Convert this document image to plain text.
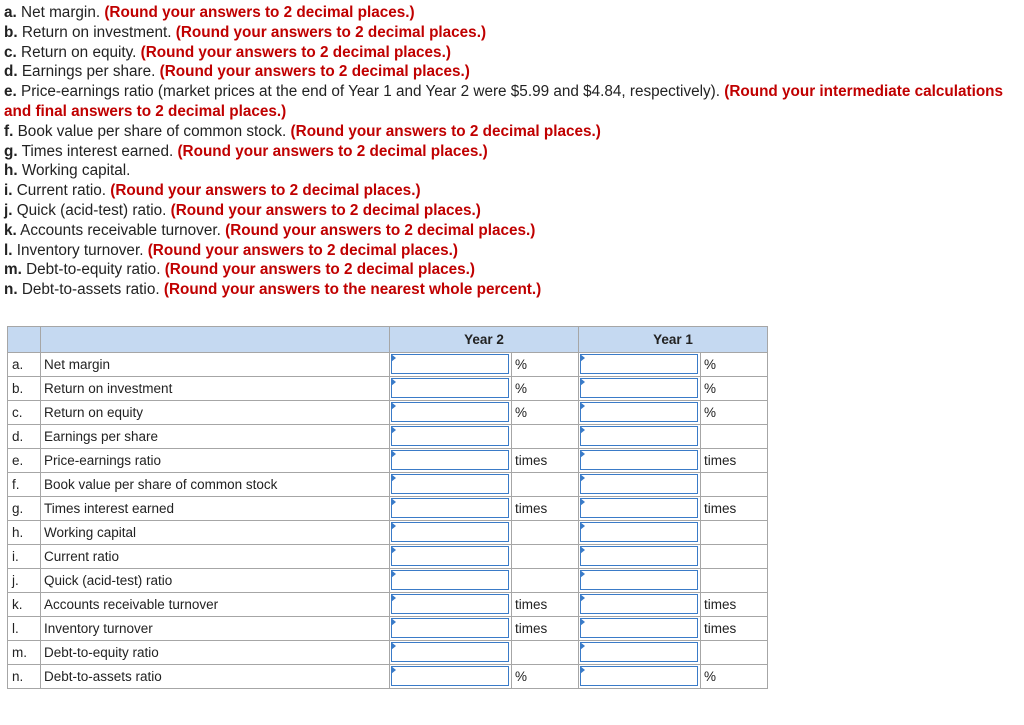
a. Net margin. (Round your answers to 2 decimal places.)

b. Return on investment. (Round your answers to 2 decimal places.)

c. Return on equity. (Round your answers to 2 decimal places.)

d. Earnings per share. (Round your answers to 2 decimal places.)

e. Price-earnings ratio (market prices at the end of Year 1 and Year 2 were $5.99 and $4.84, respectively). (Round your intermediate calculations and final answers to 2 decimal places.)

f. Book value per share of common stock. (Round your answers to 2 decimal places.)

g. Times interest earned. (Round your answers to 2 decimal places.)

h. Working capital.

i. Current ratio. (Round your answers to 2 decimal places.)

j. Quick (acid-test) ratio. (Round your answers to 2 decimal places.)

k. Accounts receivable turnover. (Round your answers to 2 decimal places.)

l. Inventory turnover. (Round your answers to 2 decimal places.)

m. Debt-to-equity ratio. (Round your answers to 2 decimal places.)

n. Debt-to-assets ratio. (Round your answers to the nearest whole percent.)

		Year 2		Year 1	
a.	Net margin		%		%
b.	Return on investment		%		%
c.	Return on equity		%		%
d.	Earnings per share	

e.	Price-earnings ratio		times		times
f.	Book value per share of common stock	

g.	Times interest earned		times		times
h.	Working capital	

i.	Current ratio	

j.	Quick (acid-test) ratio	

k.	Accounts receivable turnover		times		times
l.	Inventory turnover		times		times
m.	Debt-to-equity ratio	

n.	Debt-to-assets ratio		%		%
